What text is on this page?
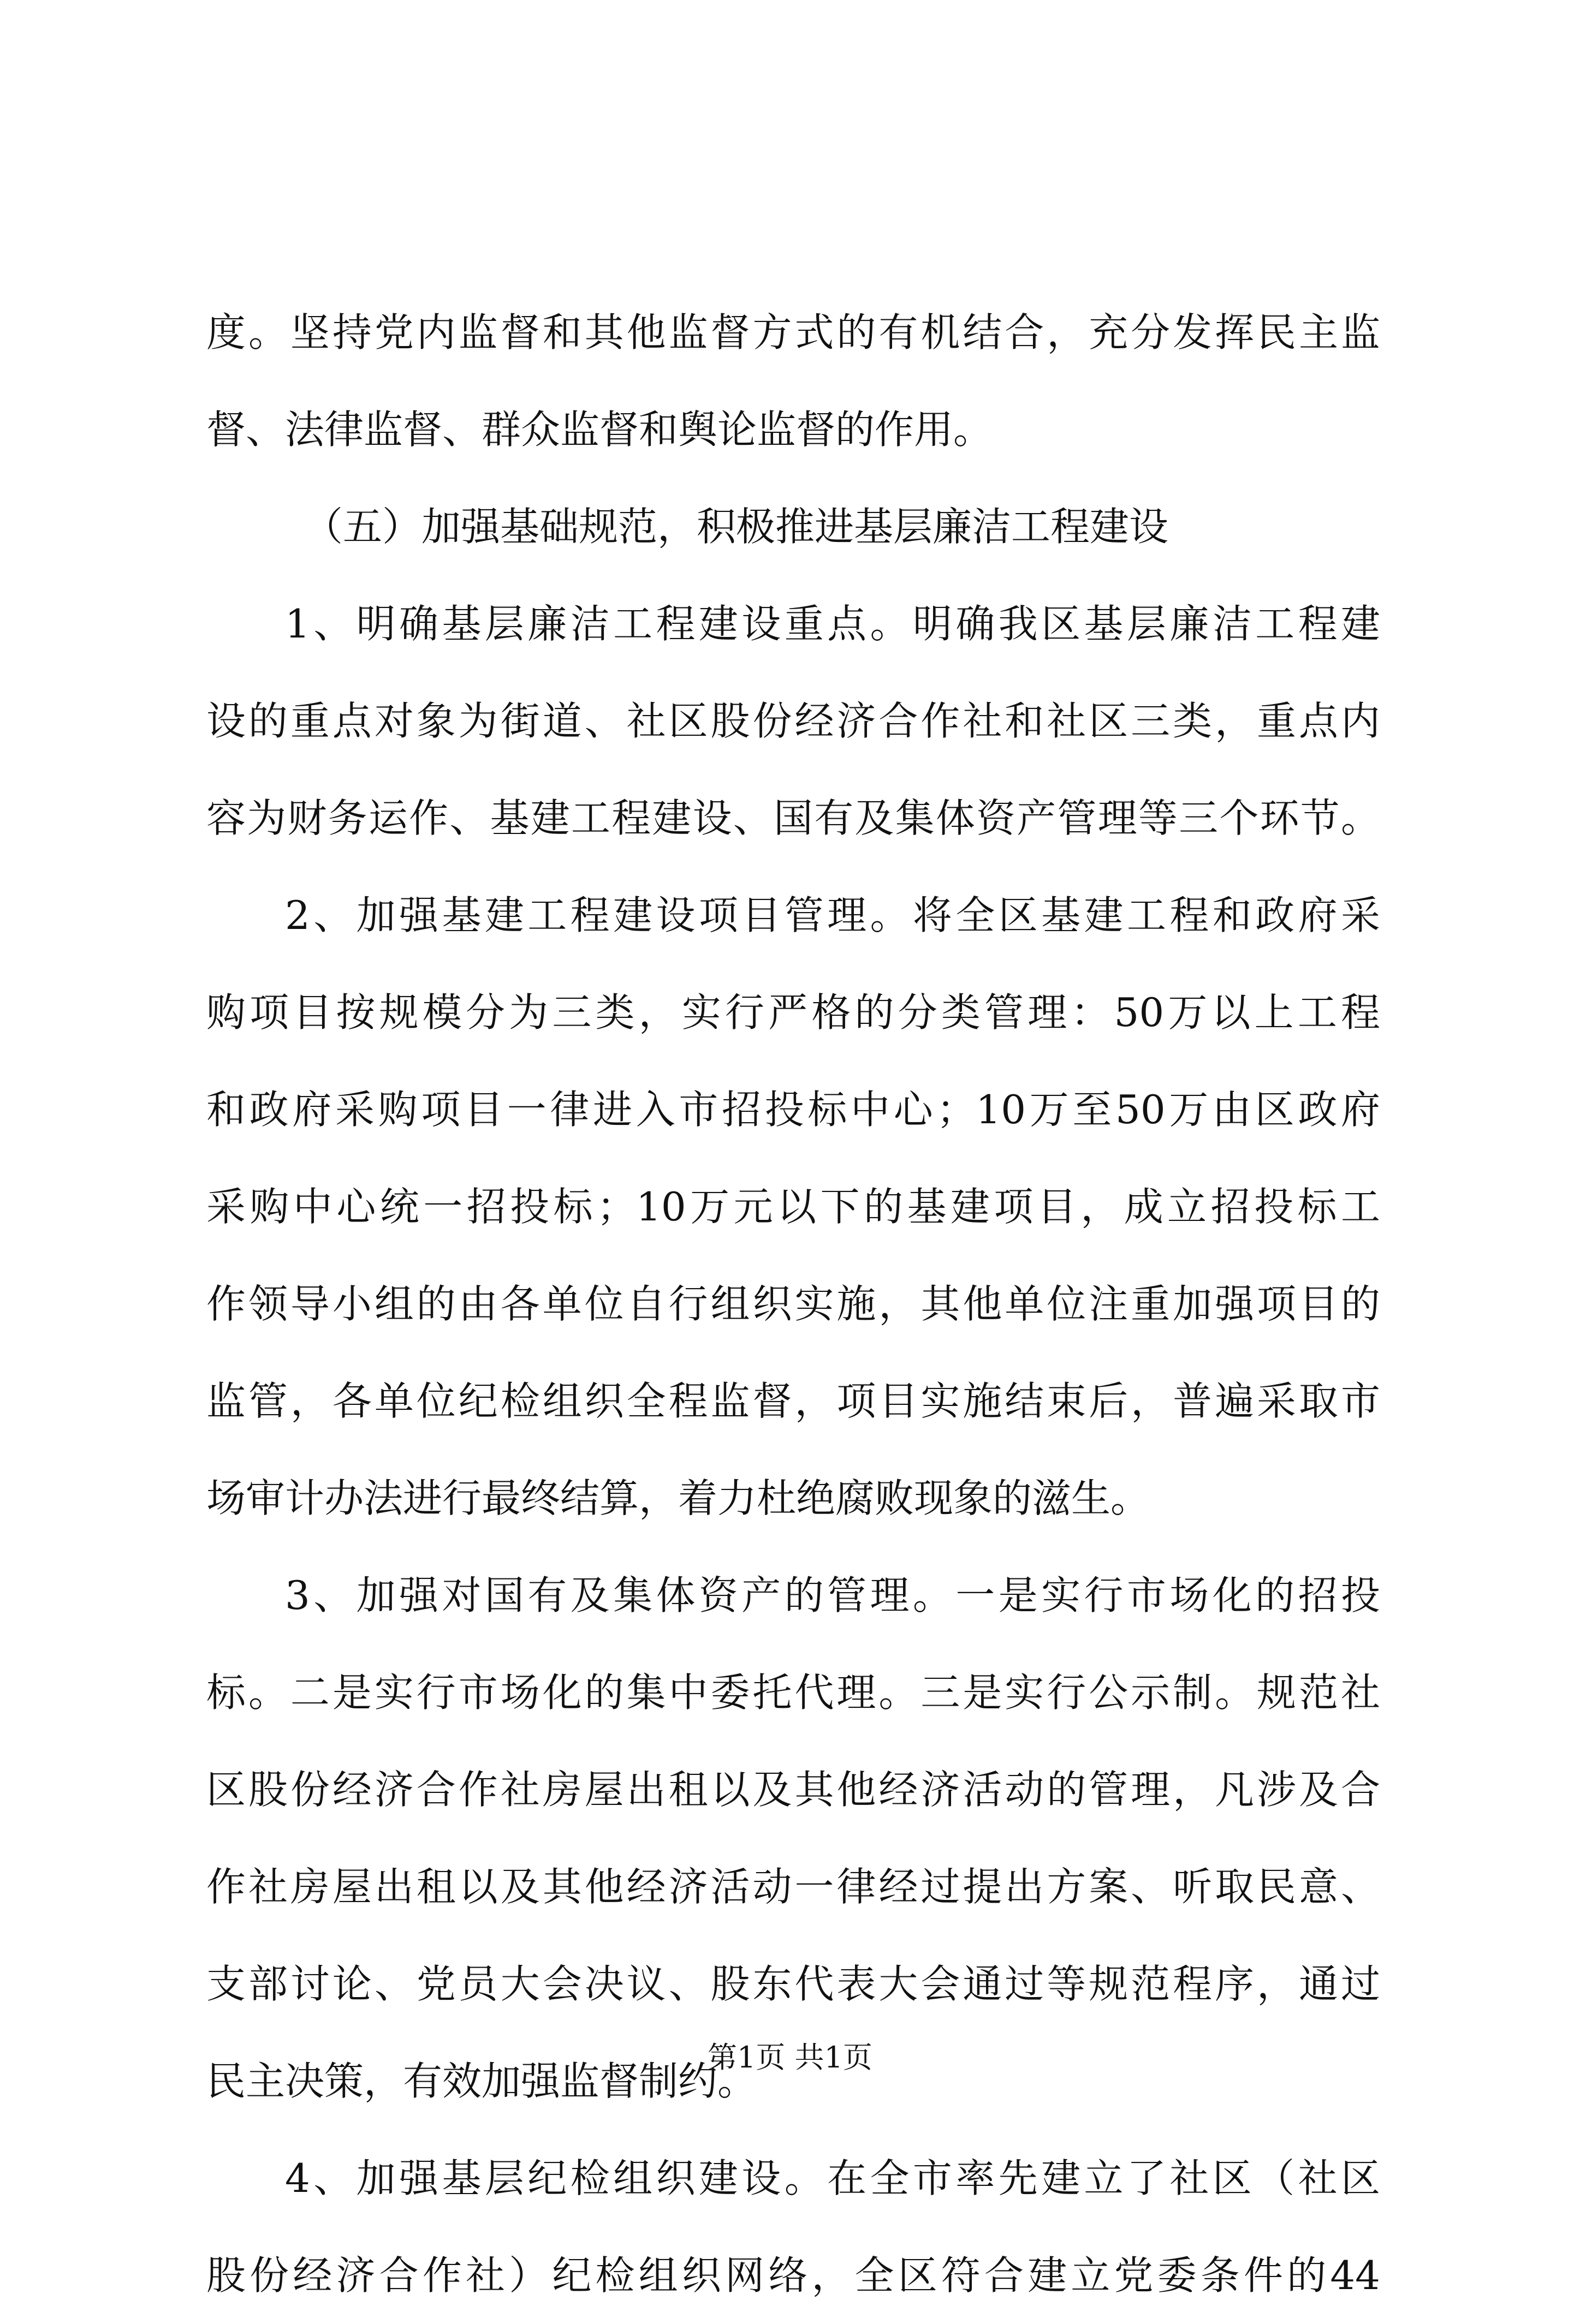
度。坚持党内监督和其他监督方式的有机结合，充分发挥民主监
督、法律监督、群众监督和舆论监督的作用。
（五）加强基础规范，积极推进基层廉洁工程建设
1、明确基层廉洁工程建设重点。明确我区基层廉洁工程建
设的重点对象为街道、社区股份经济合作社和社区三类，重点内
容为财务运作、基建工程建设、国有及集体资产管理等三个环节。
2、加强基建工程建设项目管理。将全区基建工程和政府采
购项目按规模分为三类，实行严格的分类管理：50万以上工程
和政府采购项目一律进入市招投标中心；10万至50万由区政府
采购中心统一招投标；10万元以下的基建项目，成立招投标工
作领导小组的由各单位自行组织实施，其他单位注重加强项目的
监管，各单位纪检组织全程监督，项目实施结束后，普遍采取市
场审计办法进行最终结算，着力杜绝腐败现象的滋生。
3、加强对国有及集体资产的管理。一是实行市场化的招投
标。二是实行市场化的集中委托代理。三是实行公示制。规范社
区股份经济合作社房屋出租以及其他经济活动的管理，凡涉及合
作社房屋出租以及其他经济活动一律经过提出方案、听取民意、
支部讨论、党员大会决议、股东代表大会通过等规范程序，通过
民主决策，有效加强监督制约。
4、加强基层纪检组织建设。在全市率先建立了社区（社区
股份经济合作社）纪检组织网络，全区符合建立党委条件的44
第1页 共1页
